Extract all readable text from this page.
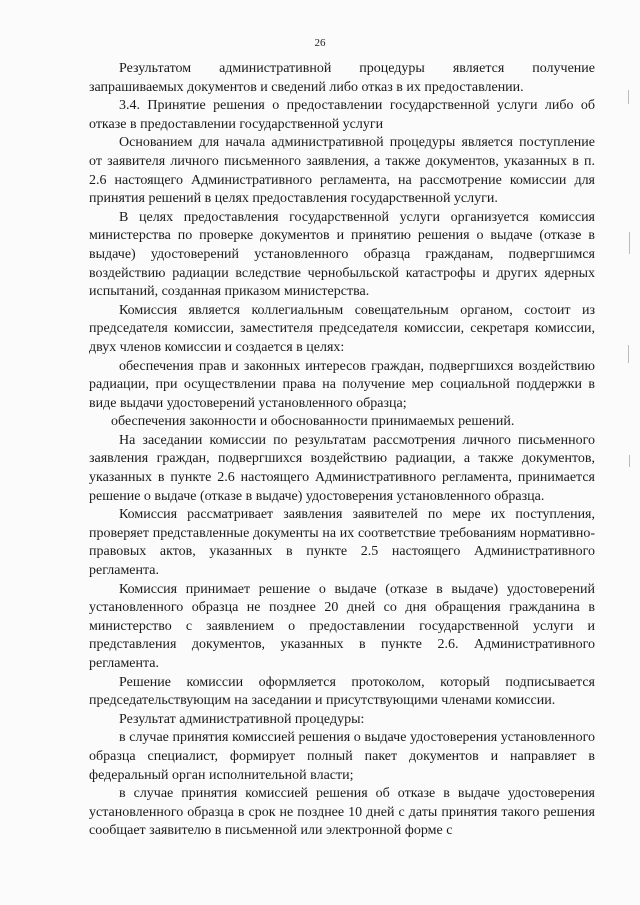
26

Результатом административной процедуры является получение запрашиваемых документов и сведений либо отказ в их предоставлении.

3.4. Принятие решения о предоставлении государственной услуги либо об отказе в предоставлении государственной услуги

Основанием для начала административной процедуры является поступление от заявителя личного письменного заявления, а также документов, указанных в п. 2.6 настоящего Административного регламента, на рассмотрение комиссии для принятия решений в целях предоставления государственной услуги.

В целях предоставления государственной услуги организуется комиссия министерства по проверке документов и принятию решения о выдаче (отказе в выдаче) удостоверений установленного образца гражданам, подвергшимся воздействию радиации вследствие чернобыльской катастрофы и других ядерных испытаний, созданная приказом министерства.

Комиссия является коллегиальным совещательным органом, состоит из председателя комиссии, заместителя председателя комиссии, секретаря комиссии, двух членов комиссии и создается в целях:

обеспечения прав и законных интересов граждан, подвергшихся воздействию радиации, при осуществлении права на получение мер социальной поддержки в виде выдачи удостоверений установленного образца;

обеспечения законности и обоснованности принимаемых решений.

На заседании комиссии по результатам рассмотрения личного письменного заявления граждан, подвергшихся воздействию радиации, а также документов, указанных в пункте 2.6 настоящего Административного регламента, принимается решение о выдаче (отказе в выдаче) удостоверения установленного образца.

Комиссия рассматривает заявления заявителей по мере их поступления, проверяет представленные документы на их соответствие требованиям нормативно-правовых актов, указанных в пункте 2.5 настоящего Административного регламента.

Комиссия принимает решение о выдаче (отказе в выдаче) удостоверений установленного образца не позднее 20 дней со дня обращения гражданина в министерство с заявлением о предоставлении государственной услуги и представления документов, указанных в пункте 2.6. Административного регламента.

Решение комиссии оформляется протоколом, который подписывается председательствующим на заседании и присутствующими членами комиссии.

Результат административной процедуры:

в случае принятия комиссией решения о выдаче удостоверения установленного образца специалист, формирует полный пакет документов и направляет в федеральный орган исполнительной власти;

в случае принятия комиссией решения об отказе в выдаче удостоверения установленного образца в срок не позднее 10 дней с даты принятия такого решения сообщает заявителю в письменной или электронной форме с
